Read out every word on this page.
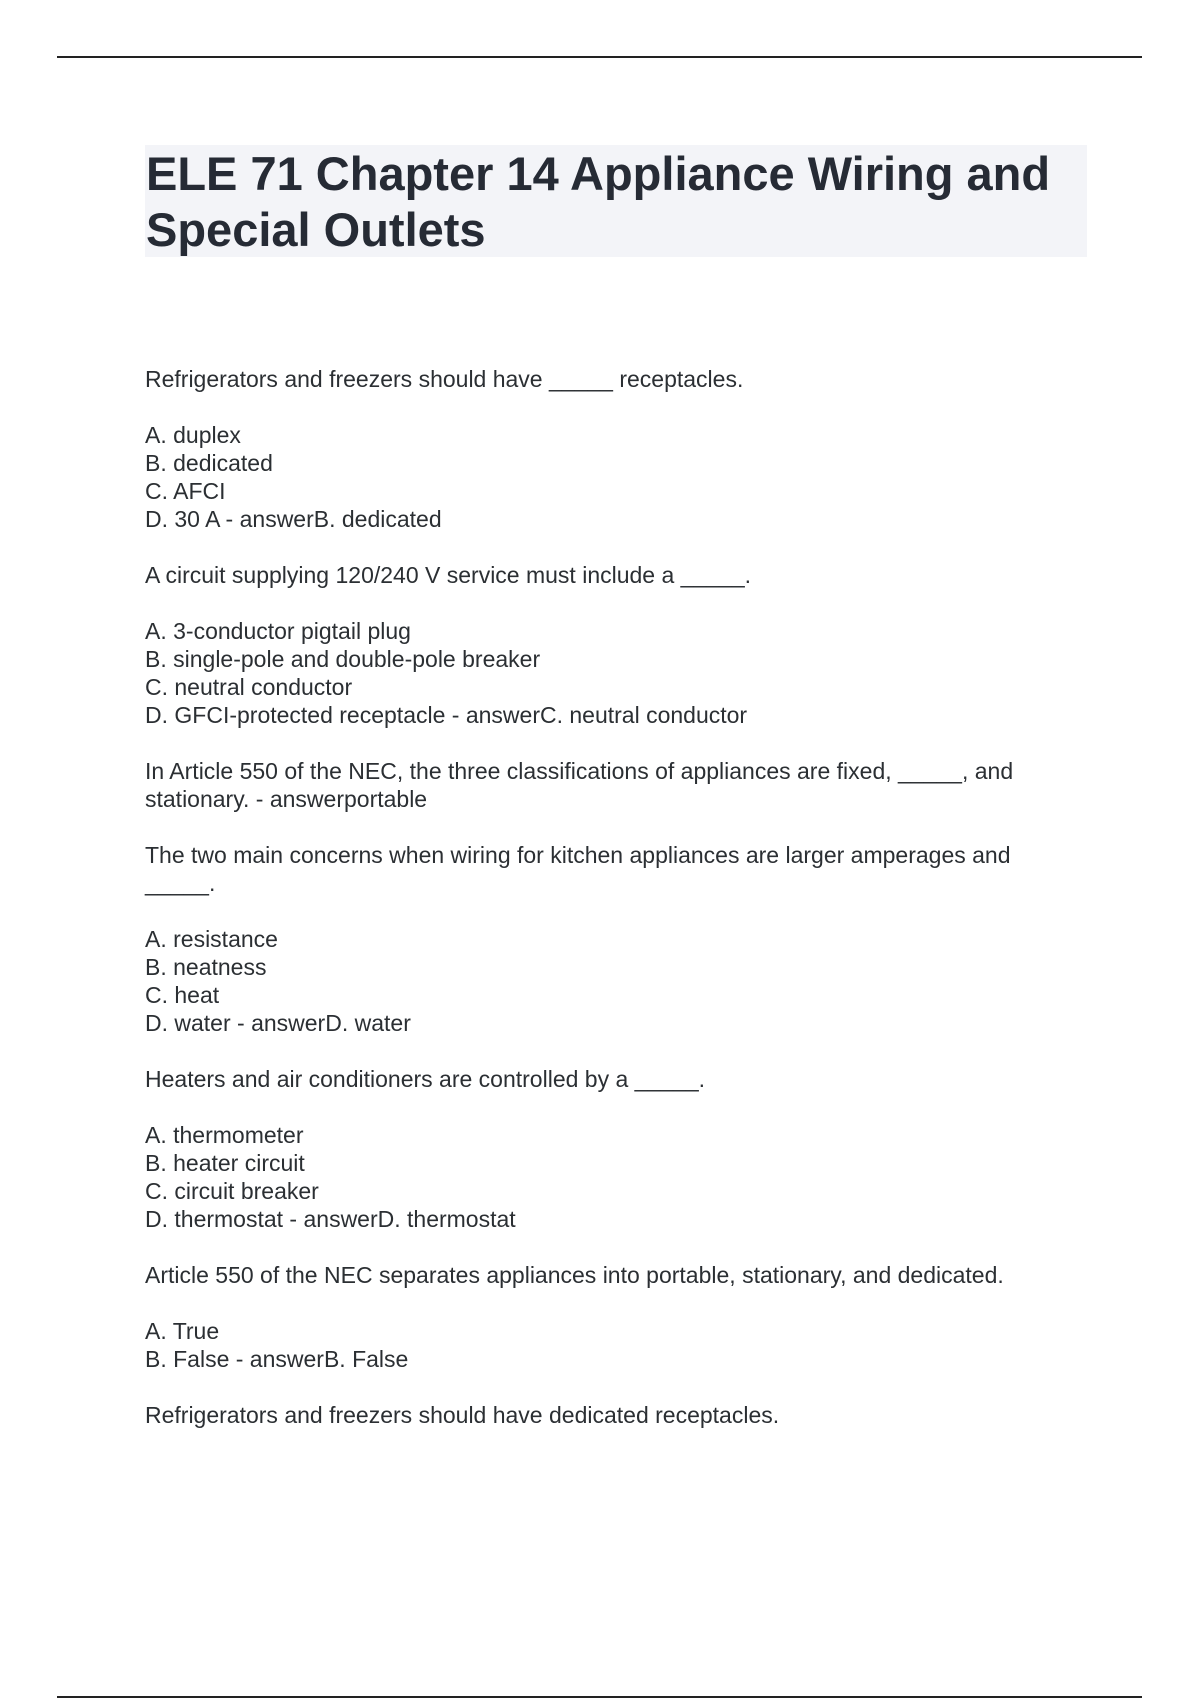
ELE 71 Chapter 14 Appliance Wiring and Special Outlets

Refrigerators and freezers should have _____ receptacles.

A. duplex
B. dedicated
C. AFCI
D. 30 A - answerB. dedicated

A circuit supplying 120/240 V service must include a _____.

A. 3-conductor pigtail plug
B. single-pole and double-pole breaker
C. neutral conductor
D. GFCI-protected receptacle - answerC. neutral conductor

In Article 550 of the NEC, the three classifications of appliances are fixed, _____, and stationary. - answerportable

The two main concerns when wiring for kitchen appliances are larger amperages and _____.

A. resistance
B. neatness
C. heat
D. water - answerD. water

Heaters and air conditioners are controlled by a _____.

A. thermometer
B. heater circuit
C. circuit breaker
D. thermostat - answerD. thermostat

Article 550 of the NEC separates appliances into portable, stationary, and dedicated.

A. True
B. False - answerB. False

Refrigerators and freezers should have dedicated receptacles.
